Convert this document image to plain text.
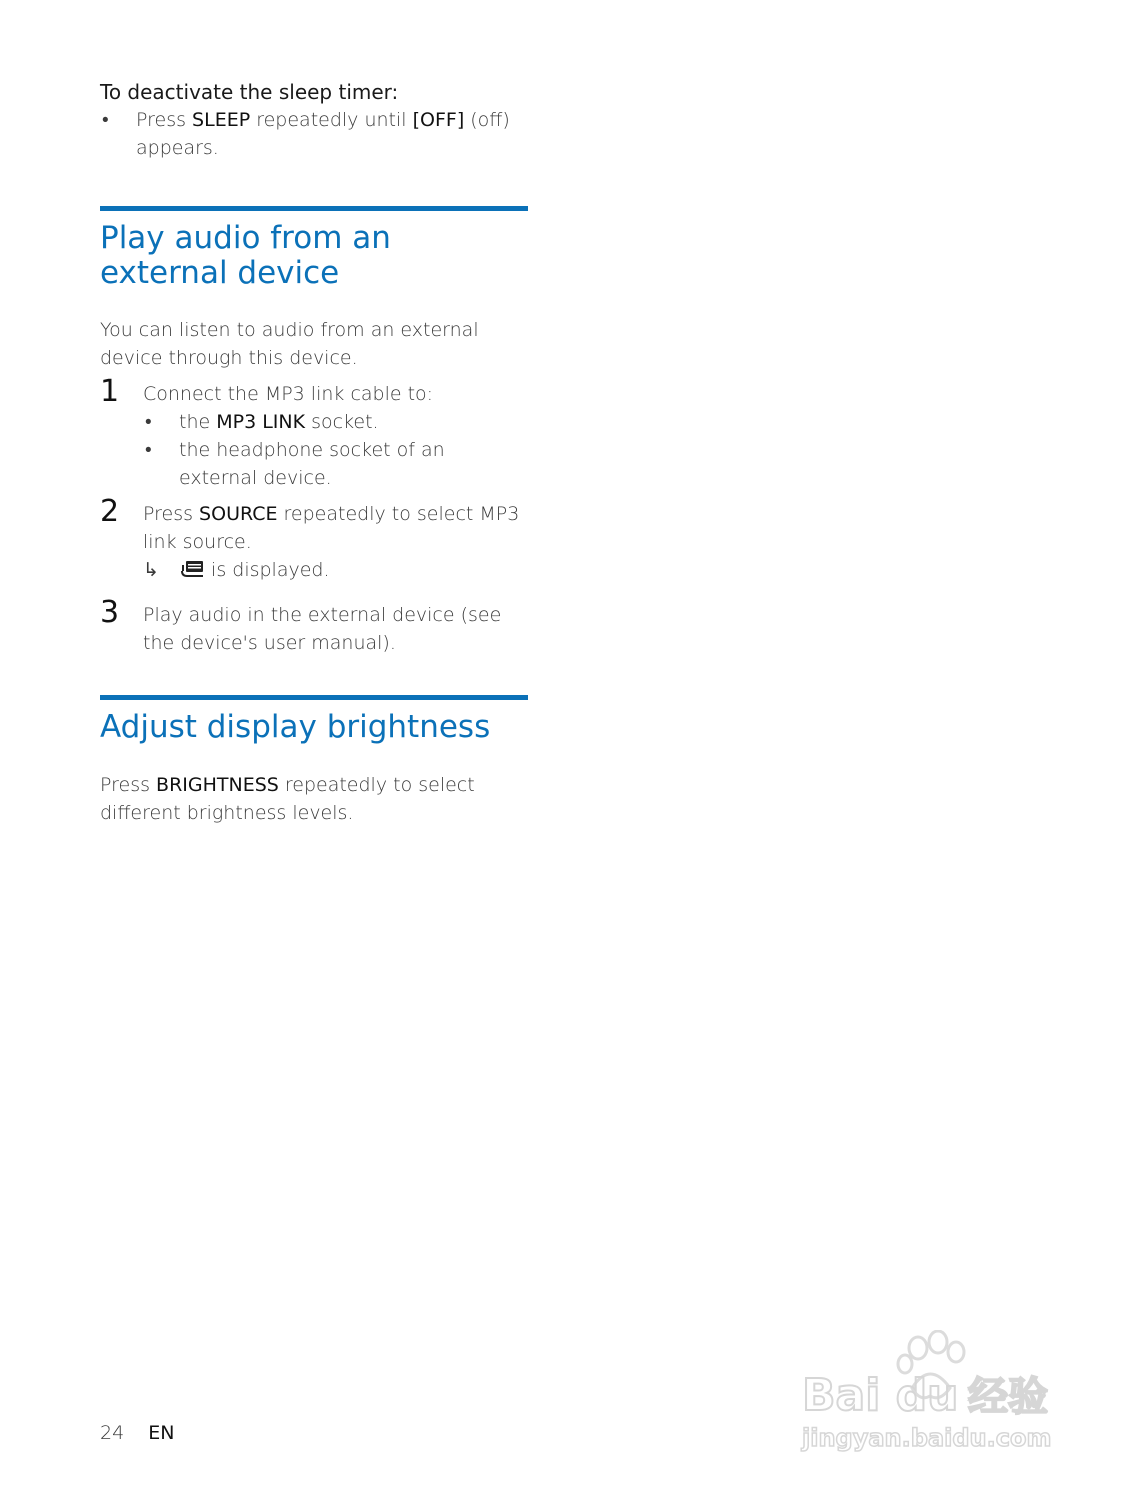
To deactivate the sleep timer:
• Press SLEEP repeatedly until [OFF] (off) appears.
Play audio from an external device
You can listen to audio from an external device through this device.
1 Connect the MP3 link cable to:
• the MP3 LINK socket.
• the headphone socket of an external device.
2 Press SOURCE repeatedly to select MP3 link source.
↳ is displayed.
3 Play audio in the external device (see the device's user manual).
Adjust display brightness
Press BRIGHTNESS repeatedly to select different brightness levels.
24 EN
Bai du 经验
jingyan.baidu.com
